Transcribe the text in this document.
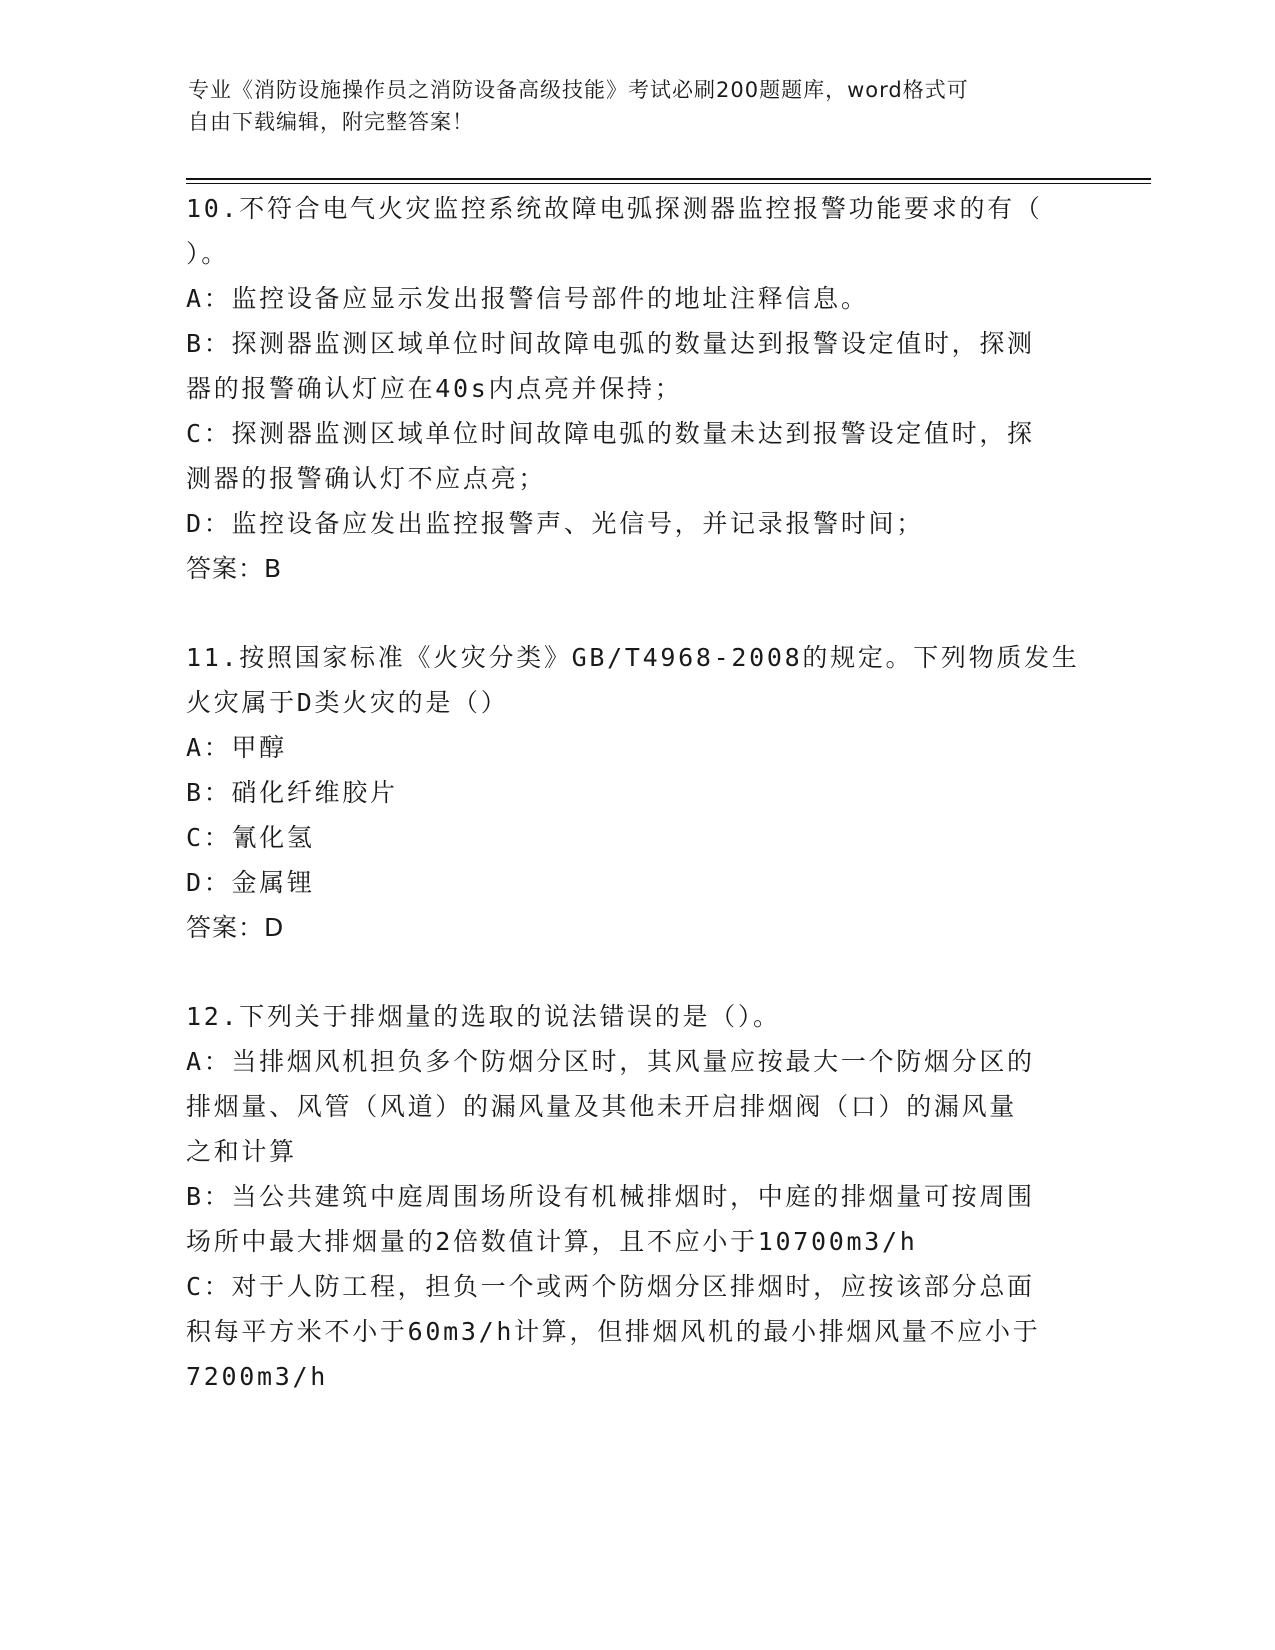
专业《消防设施操作员之消防设备高级技能》考试必刷200题题库，word格式可
自由下载编辑，附完整答案！
10.不符合电气火灾监控系统故障电弧探测器监控报警功能要求的有（
）。
A：监控设备应显示发出报警信号部件的地址注释信息。
B：探测器监测区域单位时间故障电弧的数量达到报警设定值时，探测
器的报警确认灯应在40s内点亮并保持；
C：探测器监测区域单位时间故障电弧的数量未达到报警设定值时，探
测器的报警确认灯不应点亮；
D：监控设备应发出监控报警声、光信号，并记录报警时间；
答案：B
11.按照国家标准《火灾分类》GB/T4968-2008的规定。下列物质发生
火灾属于D类火灾的是（）
A：甲醇
B：硝化纤维胶片
C：氰化氢
D：金属锂
答案：D
12.下列关于排烟量的选取的说法错误的是（）。
A：当排烟风机担负多个防烟分区时，其风量应按最大一个防烟分区的
排烟量、风管（风道）的漏风量及其他未开启排烟阀（口）的漏风量
之和计算
B：当公共建筑中庭周围场所设有机械排烟时，中庭的排烟量可按周围
场所中最大排烟量的2倍数值计算，且不应小于10700m3/h
C：对于人防工程，担负一个或两个防烟分区排烟时，应按该部分总面
积每平方米不小于60m3/h计算，但排烟风机的最小排烟风量不应小于
7200m3/h
